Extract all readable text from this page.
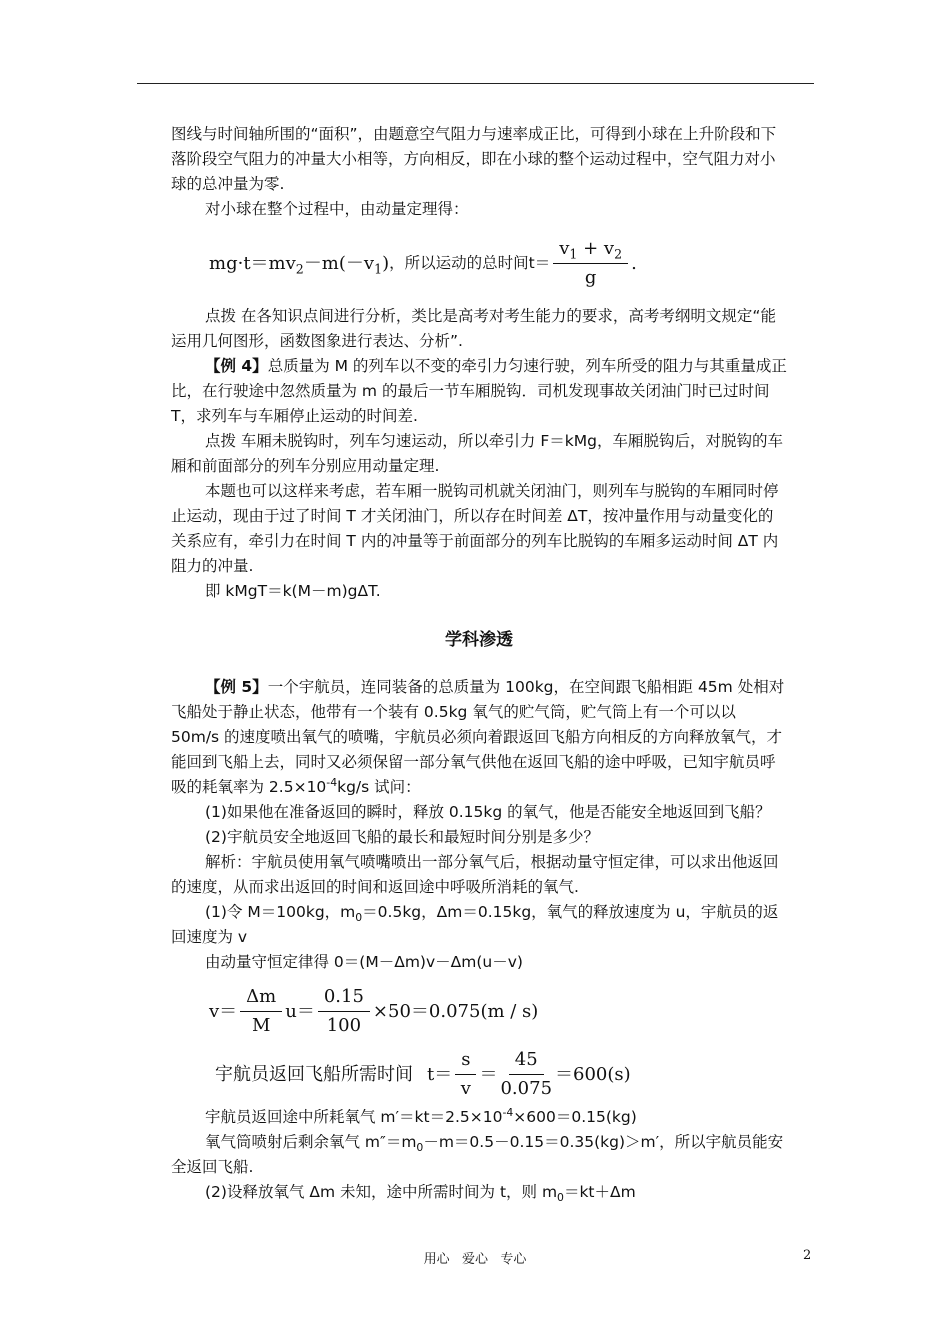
图线与时间轴所围的“面积”，由题意空气阻力与速率成正比，可得到小球在上升阶段和下落阶段空气阻力的冲量大小相等，方向相反，即在小球的整个运动过程中，空气阻力对小球的总冲量为零.

对小球在整个过程中，由动量定理得：

$mg\cdot t=mv_2-m(-v_1)$ ，所以运动的总时间$t= \frac{v_1 + v_2}{g}$ .

点拨 在各知识点间进行分析，类比是高考对考生能力的要求，高考考纲明文规定“能运用几何图形，函数图象进行表达、分析”.

【例 4】总质量为 M 的列车以不变的牵引力匀速行驶，列车所受的阻力与其重量成正比，在行驶途中忽然质量为 m 的最后一节车厢脱钩．司机发现事故关闭油门时已过时间 T，求列车与车厢停止运动的时间差.

点拨 车厢未脱钩时，列车匀速运动，所以牵引力 F＝kMg，车厢脱钩后，对脱钩的车厢和前面部分的列车分别应用动量定理.

本题也可以这样来考虑，若车厢一脱钩司机就关闭油门，则列车与脱钩的车厢同时停止运动，现由于过了时间 T 才关闭油门，所以存在时间差 ΔT，按冲量作用与动量变化的关系应有，牵引力在时间 T 内的冲量等于前面部分的列车比脱钩的车厢多运动时间 ΔT 内阻力的冲量.

即 kMgT＝k(M－m)gΔT.

学科渗透

【例 5】一个宇航员，连同装备的总质量为 100kg，在空间跟飞船相距 45m 处相对飞船处于静止状态，他带有一个装有 0.5kg 氧气的贮气筒，贮气筒上有一个可以以 50m/s 的速度喷出氧气的喷嘴，宇航员必须向着跟返回飞船方向相反的方向释放氧气，才能回到飞船上去，同时又必须保留一部分氧气供他在返回飞船的途中呼吸，已知宇航员呼吸的耗氧率为 $2.5\times 10^{-4}kg/s$ 试问：

(1)如果他在准备返回的瞬时，释放 0.15kg 的氧气，他是否能安全地返回到飞船？

(2)宇航员安全地返回飞船的最长和最短时间分别是多少？

解析：宇航员使用氧气喷嘴喷出一部分氧气后，根据动量守恒定律，可以求出他返回的速度，从而求出返回的时间和返回途中呼吸所消耗的氧气.

(1)令 M＝100kg，$m_0=0.5kg$，Δm＝0.15kg，氧气的释放速度为 u，宇航员的返回速度为 v

由动量守恒定律得 0＝(M－Δm)v－Δm(u－v)

$v= \frac{\Delta m}{M} u= \frac{0.15}{100} \times 50=0.075(m / s)$
宇航员返回飞船所需时间 $t= \frac{s}{v} = \frac{45}{0.075} =600(s)$

宇航员返回途中所耗氧气 $m'=kt=2.5\times 10^{-4}\times 600=0.15(kg)$

氧气筒喷射后剩余氧气 $m''=m_0-m=0.5-0.15=0.35(kg)>m'$，所以宇航员能安全返回飞船.

(2)设释放氧气 Δm 未知，途中所需时间为 t，则 $m_0=kt+\Delta m$

用心   爱心   专心	2
